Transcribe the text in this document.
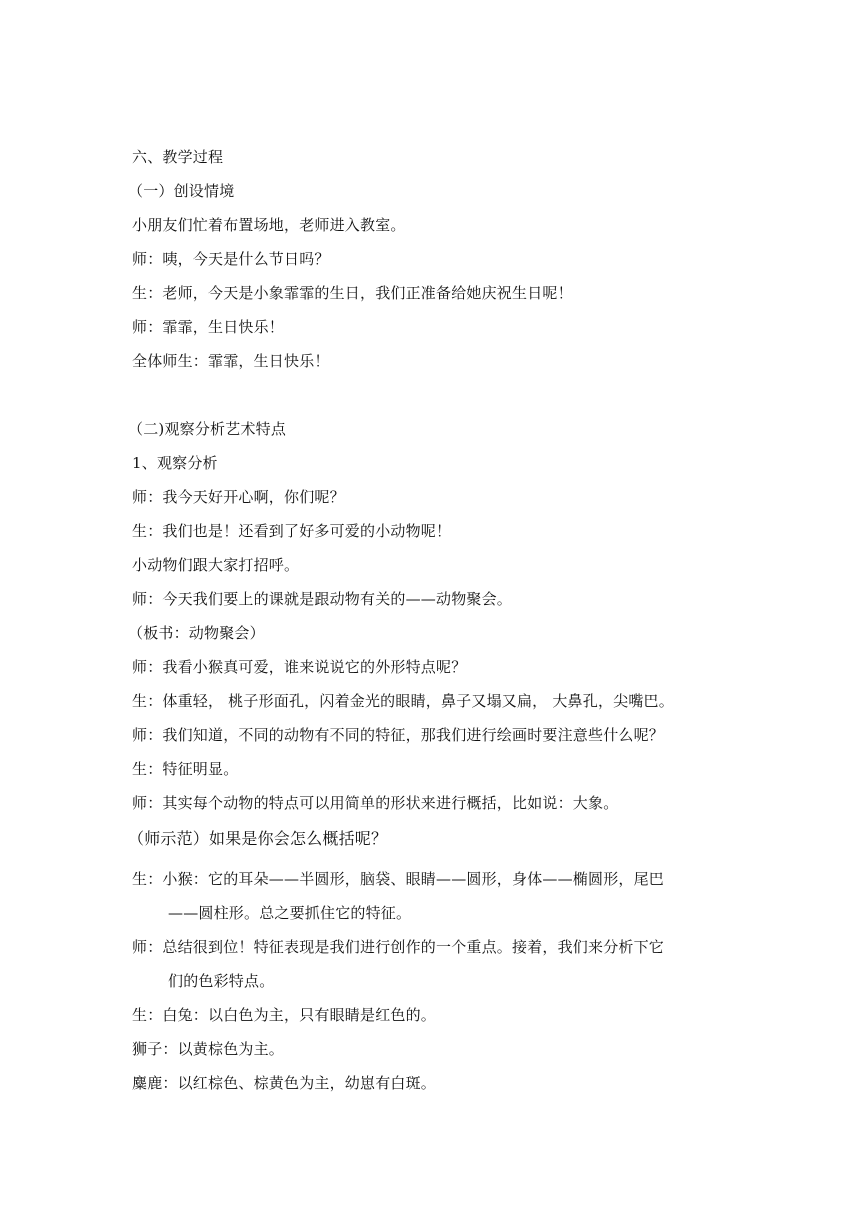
六、教学过程
（一）创设情境
小朋友们忙着布置场地，老师进入教室。
师：咦，今天是什么节日吗？
生：老师，今天是小象霏霏的生日，我们正准备给她庆祝生日呢！
师：霏霏，生日快乐！
全体师生：霏霏，生日快乐！
（二)观察分析艺术特点
1、观察分析
师：我今天好开心啊，你们呢？
生：我们也是！还看到了好多可爱的小动物呢！
小动物们跟大家打招呼。
师：今天我们要上的课就是跟动物有关的——动物聚会。
（板书：动物聚会）
师：我看小猴真可爱，谁来说说它的外形特点呢？
生：体重轻， 桃子形面孔，闪着金光的眼睛，鼻子又塌又扁， 大鼻孔，尖嘴巴。
师：我们知道，不同的动物有不同的特征，那我们进行绘画时要注意些什么呢？
生：特征明显。
师：其实每个动物的特点可以用简单的形状来进行概括，比如说：大象。
（师示范）如果是你会怎么概括呢？
生：小猴：它的耳朵——半圆形，脑袋、眼睛——圆形，身体——椭圆形，尾巴
——圆柱形。总之要抓住它的特征。
师：总结很到位！特征表现是我们进行创作的一个重点。接着，我们来分析下它
们的色彩特点。
生：白兔：以白色为主，只有眼睛是红色的。
狮子：以黄棕色为主。
麋鹿：以红棕色、棕黄色为主，幼崽有白斑。
